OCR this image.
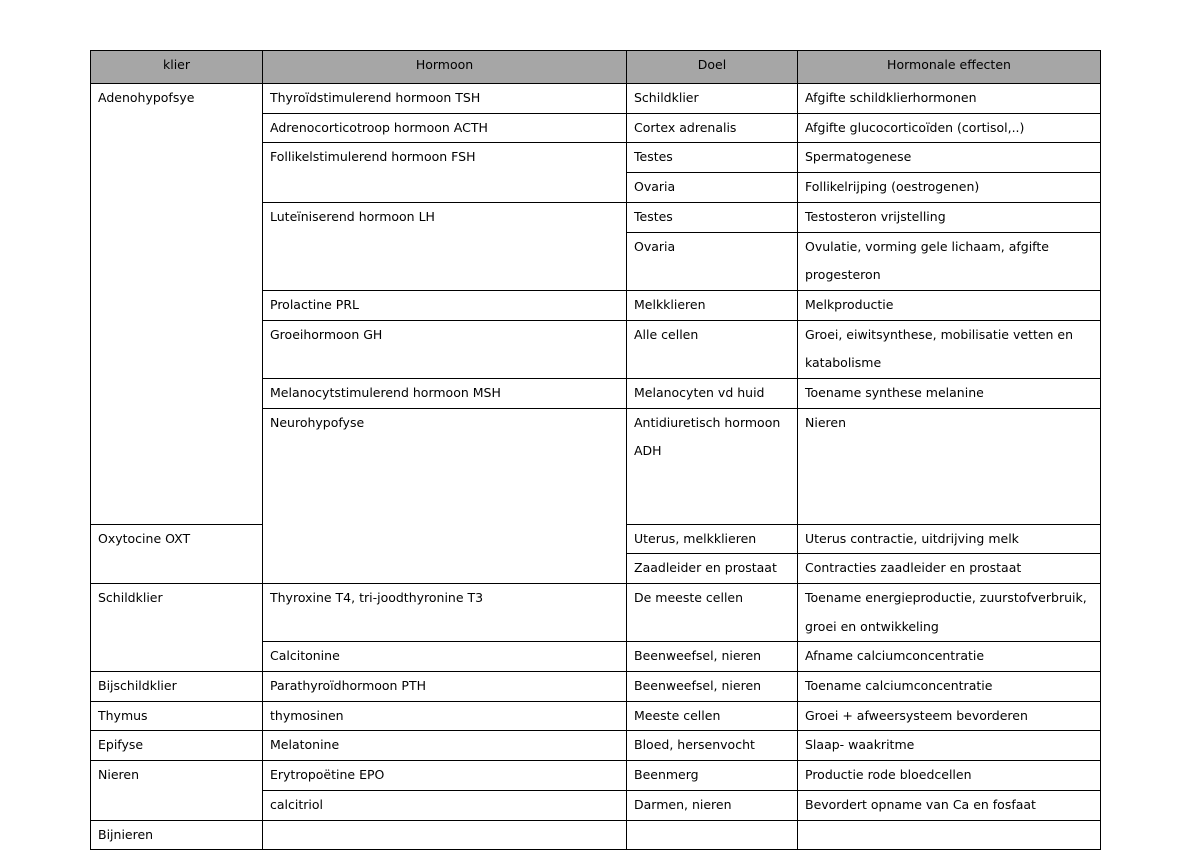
klier	Hormoon	Doel	Hormonale effecten	
Adenohypofsye	Thyroïdstimulerend hormoon TSH	Schildklier	Afgifte schildklierhormonen	
	Adrenocorticotroop hormoon ACTH	Cortex adrenalis	Afgifte glucocorticoïden (cortisol,..)	
	Follikelstimulerend hormoon FSH	Testes	Spermatogenese	
		Ovaria	Follikelrijping (oestrogenen)	
	Luteïniserend hormoon LH	Testes	Testosteron vrijstelling	
		Ovaria	Ovulatie, vorming gele lichaam, afgifte progesteron	
	Prolactine PRL	Melkklieren	Melkproductie	
	Groeihormoon GH	Alle cellen	Groei, eiwitsynthese, mobilisatie vetten en katabolisme	
	Melanocytstimulerend hormoon MSH	Melanocyten vd huid	Toename synthese melanine	
	Neurohypofyse	Antidiuretisch hormoon ADH	Nieren	
Oxytocine OXT		Uterus, melkklieren	Uterus contractie, uitdrijving melk	
		Zaadleider en prostaat	Contracties zaadleider en prostaat	
Schildklier	Thyroxine T4, tri-joodthyronine T3	De meeste cellen	Toename energieproductie, zuurstofverbruik, groei en ontwikkeling	
	Calcitonine	Beenweefsel, nieren	Afname calciumconcentratie	
Bijschildklier	Parathyroïdhormoon PTH	Beenweefsel, nieren	Toename calciumconcentratie	
Thymus	thymosinen	Meeste cellen	Groei + afweersysteem bevorderen	
Epifyse	Melatonine	Bloed, hersenvocht	Slaap- waakritme	
Nieren	Erytropoëtine EPO	Beenmerg	Productie rode bloedcellen	
	calcitriol	Darmen, nieren	Bevordert opname van Ca en fosfaat	
Bijnieren				
